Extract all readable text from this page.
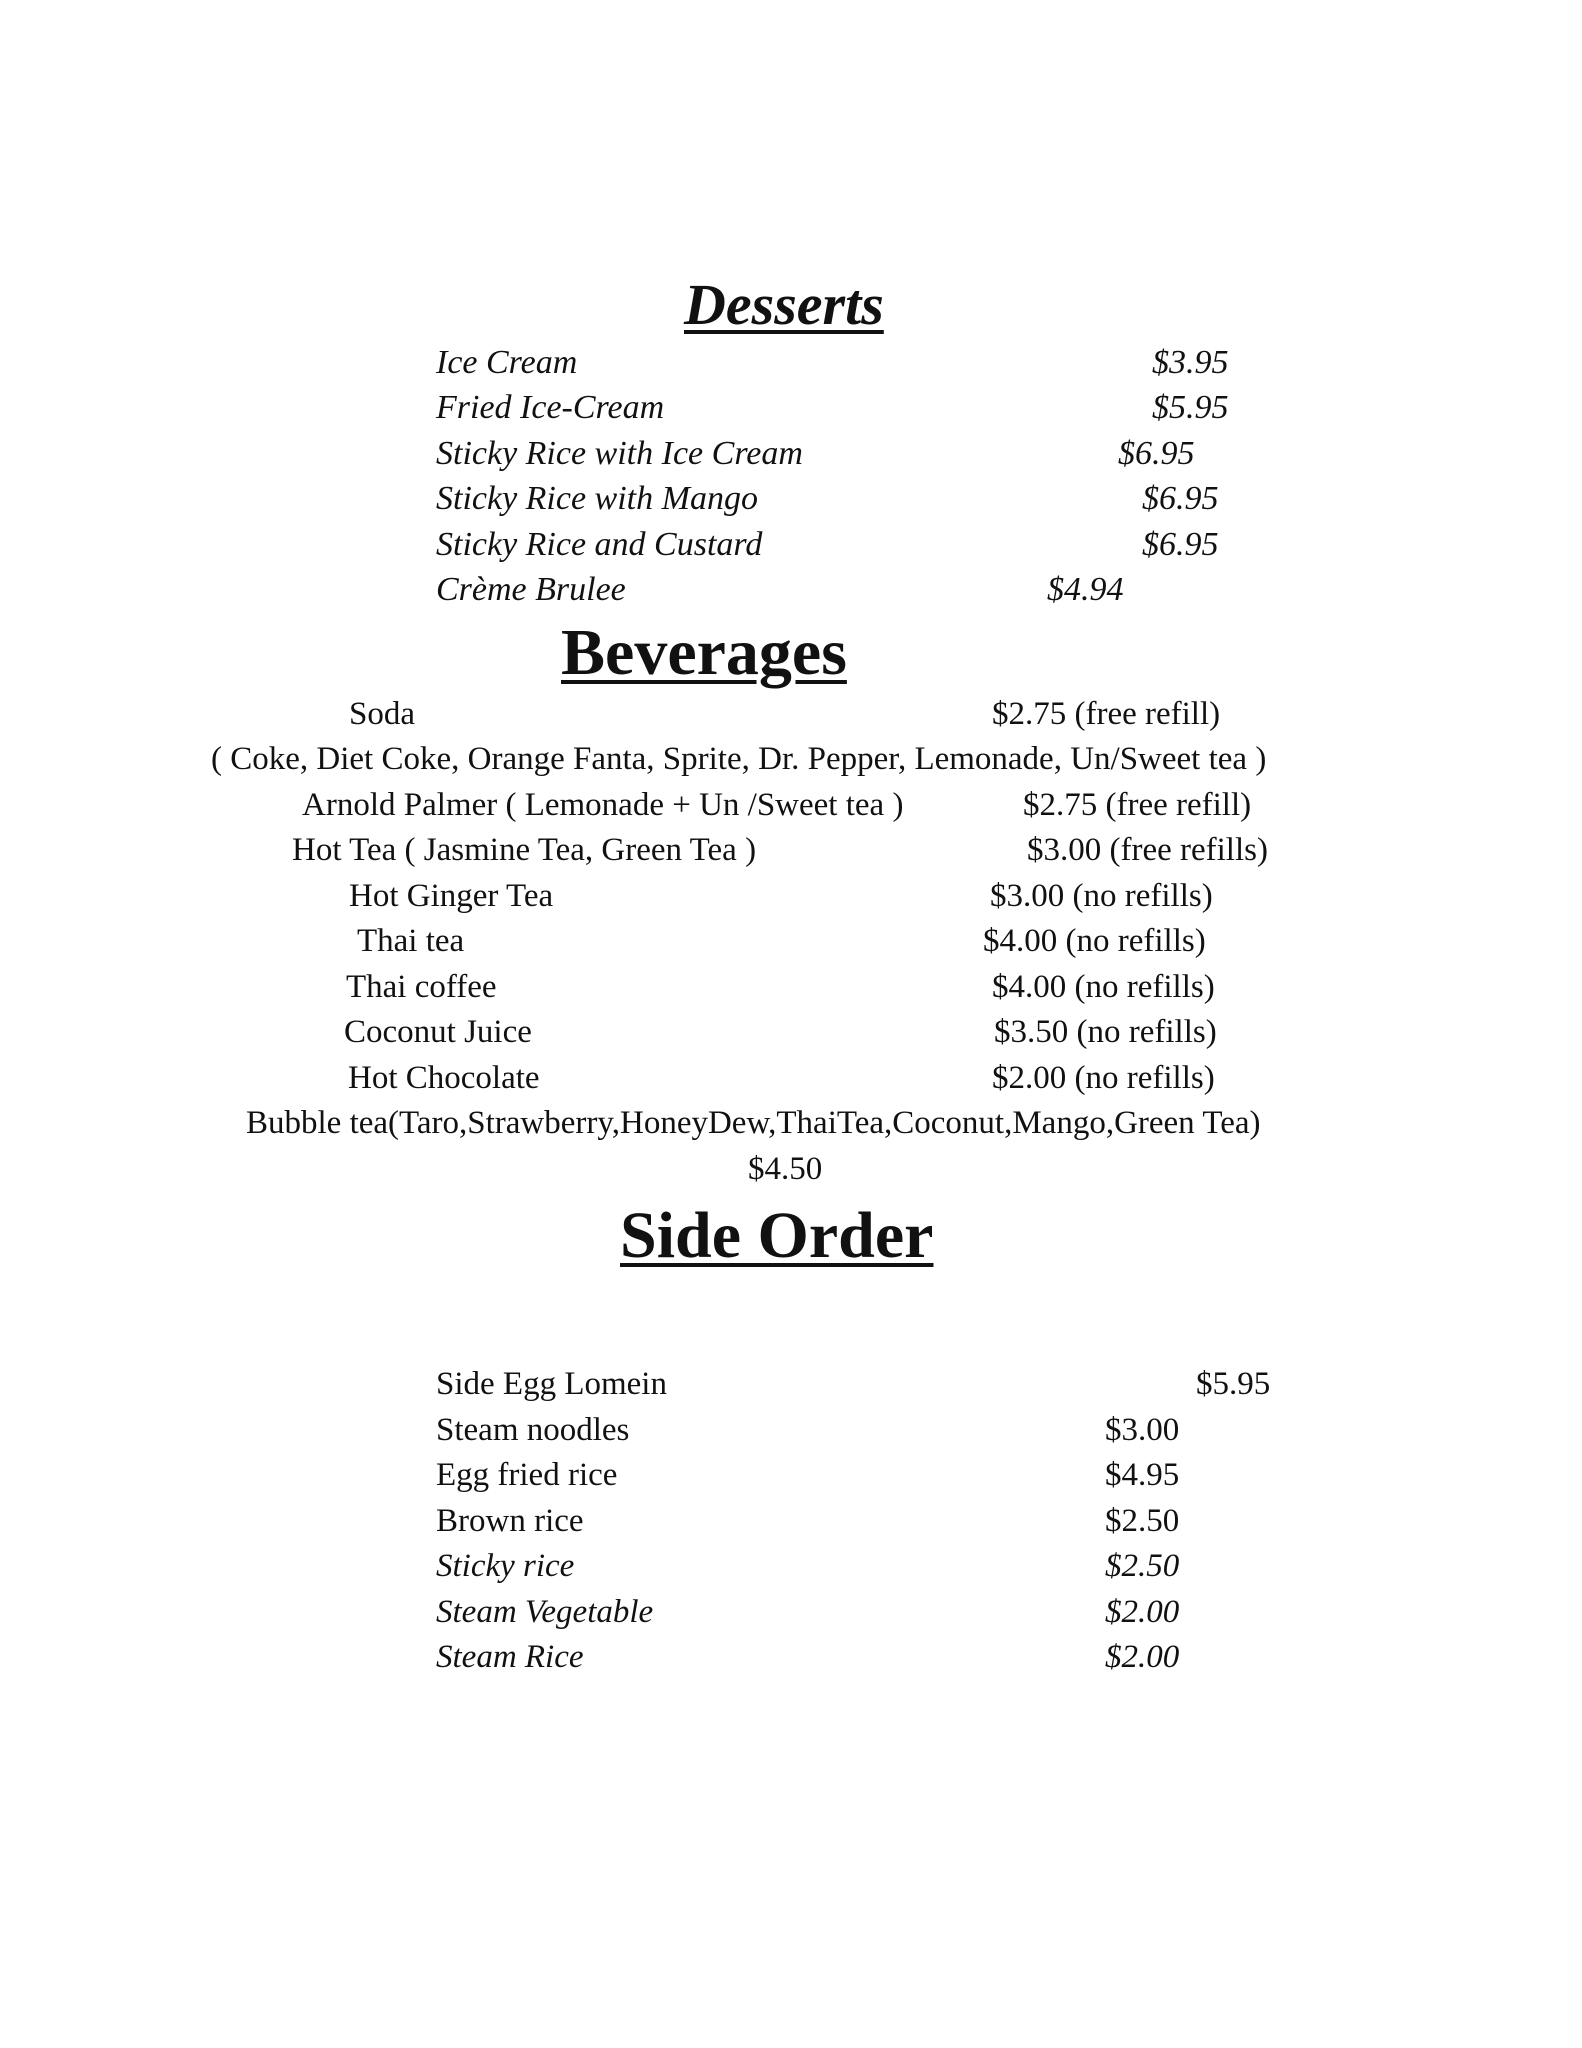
Desserts
Ice Cream	$3.95
Fried Ice-Cream	$5.95
Sticky Rice with Ice Cream	$6.95
Sticky Rice with Mango	$6.95
Sticky Rice and Custard	$6.95
Crème Brulee	$4.94
Beverages
Soda	$2.75 (free refill)
( Coke, Diet Coke, Orange Fanta, Sprite, Dr. Pepper, Lemonade, Un/Sweet tea )
Arnold Palmer ( Lemonade + Un /Sweet tea )	$2.75 (free refill)
Hot Tea ( Jasmine Tea, Green Tea )	$3.00 (free refills)
Hot Ginger Tea	$3.00 (no refills)
Thai tea	$4.00 (no refills)
Thai coffee	$4.00 (no refills)
Coconut Juice	$3.50 (no refills)
Hot Chocolate	$2.00 (no refills)
Bubble tea(Taro,Strawberry,HoneyDew,ThaiTea,Coconut,Mango,Green Tea)
$4.50
Side Order
Side Egg Lomein	$5.95
Steam noodles	$3.00
Egg fried rice	$4.95
Brown rice	$2.50
Sticky rice	$2.50
Steam Vegetable	$2.00
Steam Rice	$2.00
